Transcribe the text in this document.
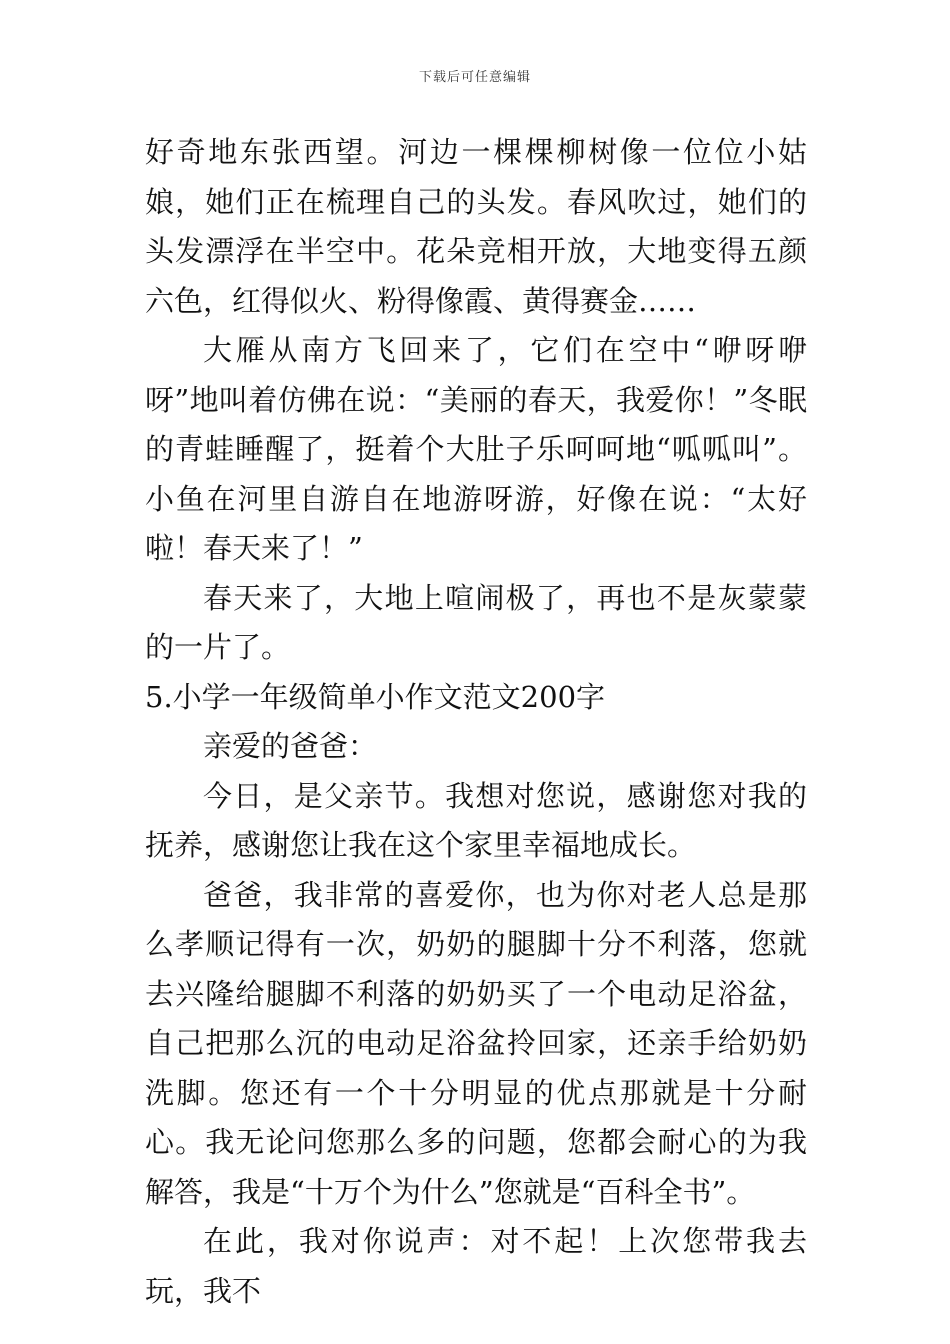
下载后可任意编辑

好奇地东张西望。河边一棵棵柳树像一位位小姑娘，她们正在梳理自己的头发。春风吹过，她们的头发漂浮在半空中。花朵竞相开放，大地变得五颜六色，红得似火、粉得像霞、黄得赛金……

大雁从南方飞回来了，它们在空中“咿呀咿呀”地叫着仿佛在说：“美丽的春天，我爱你！”冬眠的青蛙睡醒了，挺着个大肚子乐呵呵地“呱呱叫”。小鱼在河里自游自在地游呀游，好像在说：“太好啦！春天来了！”

春天来了，大地上喧闹极了，再也不是灰蒙蒙的一片了。

5.小学一年级简单小作文范文200字

亲爱的爸爸：

今日，是父亲节。我想对您说，感谢您对我的抚养，感谢您让我在这个家里幸福地成长。

爸爸，我非常的喜爱你，也为你对老人总是那么孝顺记得有一次，奶奶的腿脚十分不利落，您就去兴隆给腿脚不利落的奶奶买了一个电动足浴盆，自己把那么沉的电动足浴盆拎回家，还亲手给奶奶洗脚。您还有一个十分明显的优点那就是十分耐心。我无论问您那么多的问题，您都会耐心的为我解答，我是“十万个为什么”您就是“百科全书”。

在此，我对你说声：对不起！上次您带我去玩，我不
